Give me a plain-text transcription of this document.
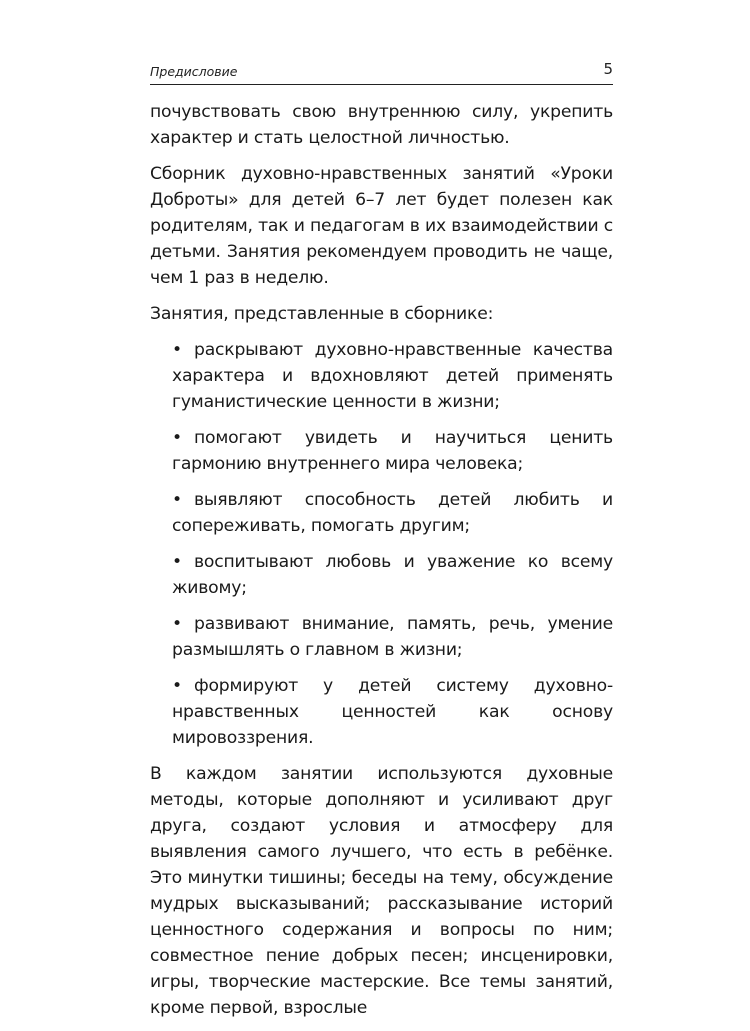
Предисловие	5

почувствовать свою внутреннюю силу, укрепить характер и стать целостной личностью.

Сборник духовно-нравственных занятий «Уроки Доброты» для детей 6–7 лет будет полезен как родителям, так и педагогам в их взаимодействии с детьми. Занятия рекомендуем проводить не чаще, чем 1 раз в неделю.

Занятия, представленные в сборнике:

• раскрывают духовно-нравственные качества характера и вдохновляют детей применять гуманистические ценности в жизни;
• помогают увидеть и научиться ценить гармонию внутреннего мира человека;
• выявляют способность детей любить и сопереживать, помогать другим;
• воспитывают любовь и уважение ко всему живому;
• развивают внимание, память, речь, умение размышлять о главном в жизни;
• формируют у детей систему духовно-нравственных ценностей как основу мировоззрения.

В каждом занятии используются духовные методы, которые дополняют и усиливают друг друга, создают условия и атмосферу для выявления самого лучшего, что есть в ребёнке. Это минутки тишины; беседы на тему, обсуждение мудрых высказываний; рассказывание историй ценностного содержания и вопросы по ним; совместное пение добрых песен; инсценировки, игры, творческие мастерские. Все темы занятий, кроме первой, взрослые
